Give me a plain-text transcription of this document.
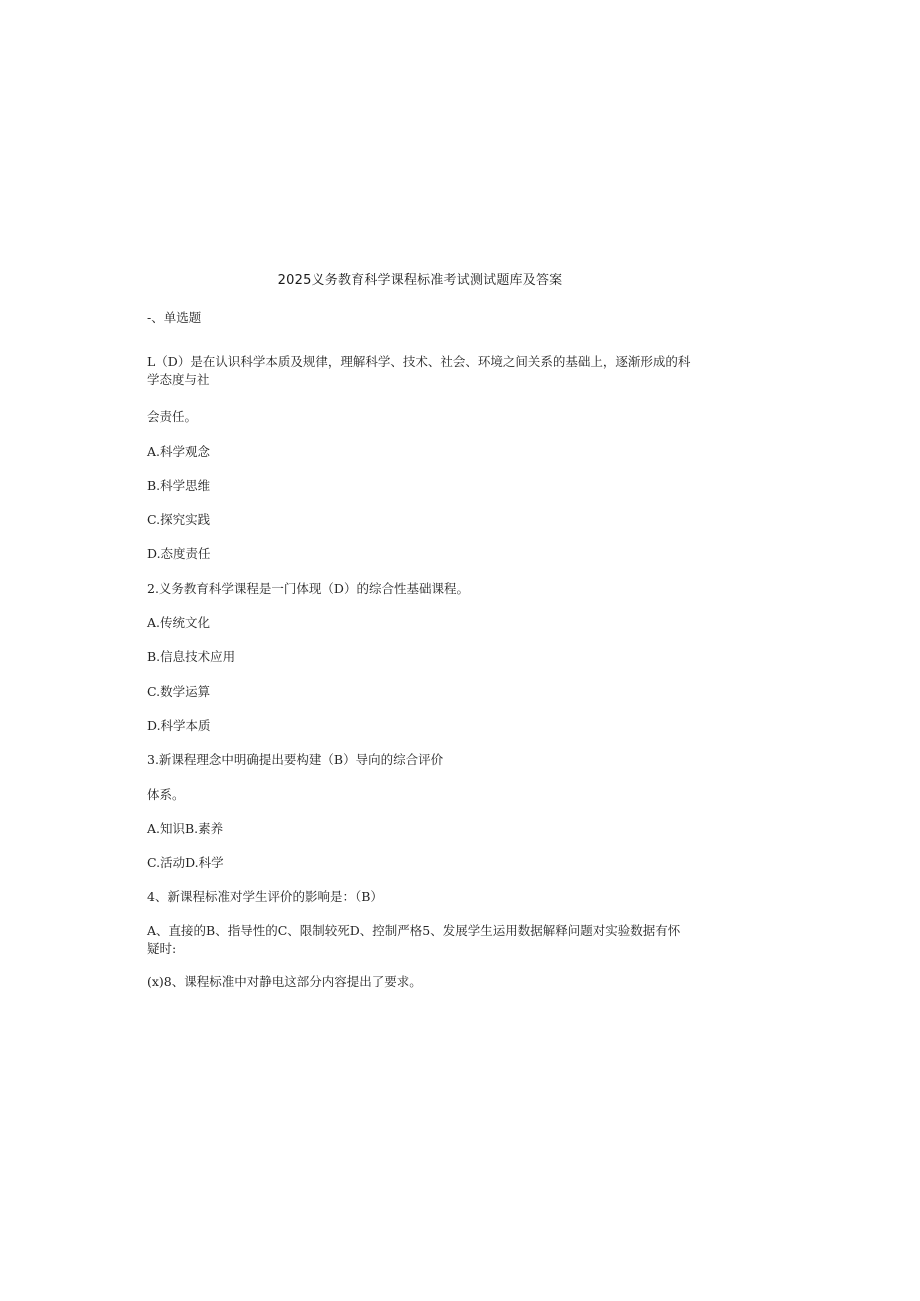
2025义务教育科学课程标准考试测试题库及答案
-、单选题
L（D）是在认识科学本质及规律，理解科学、技术、社会、环境之间关系的基础上，逐渐形成的科学态度与社
会责任。
A.科学观念
B.科学思维
C.探究实践
D.态度责任
2.义务教育科学课程是一门体现（D）的综合性基础课程。
A.传统文化
B.信息技术应用
C.数学运算
D.科学本质
3.新课程理念中明确提出要构建（B）导向的综合评价
体系。
A.知识B.素养
C.活动D.科学
4、新课程标准对学生评价的影响是：（B）
A、直接的B、指导性的C、限制较死D、控制严格5、发展学生运用数据解释问题对实验数据有怀疑时:
(x)8、课程标准中对静电这部分内容提出了要求。
